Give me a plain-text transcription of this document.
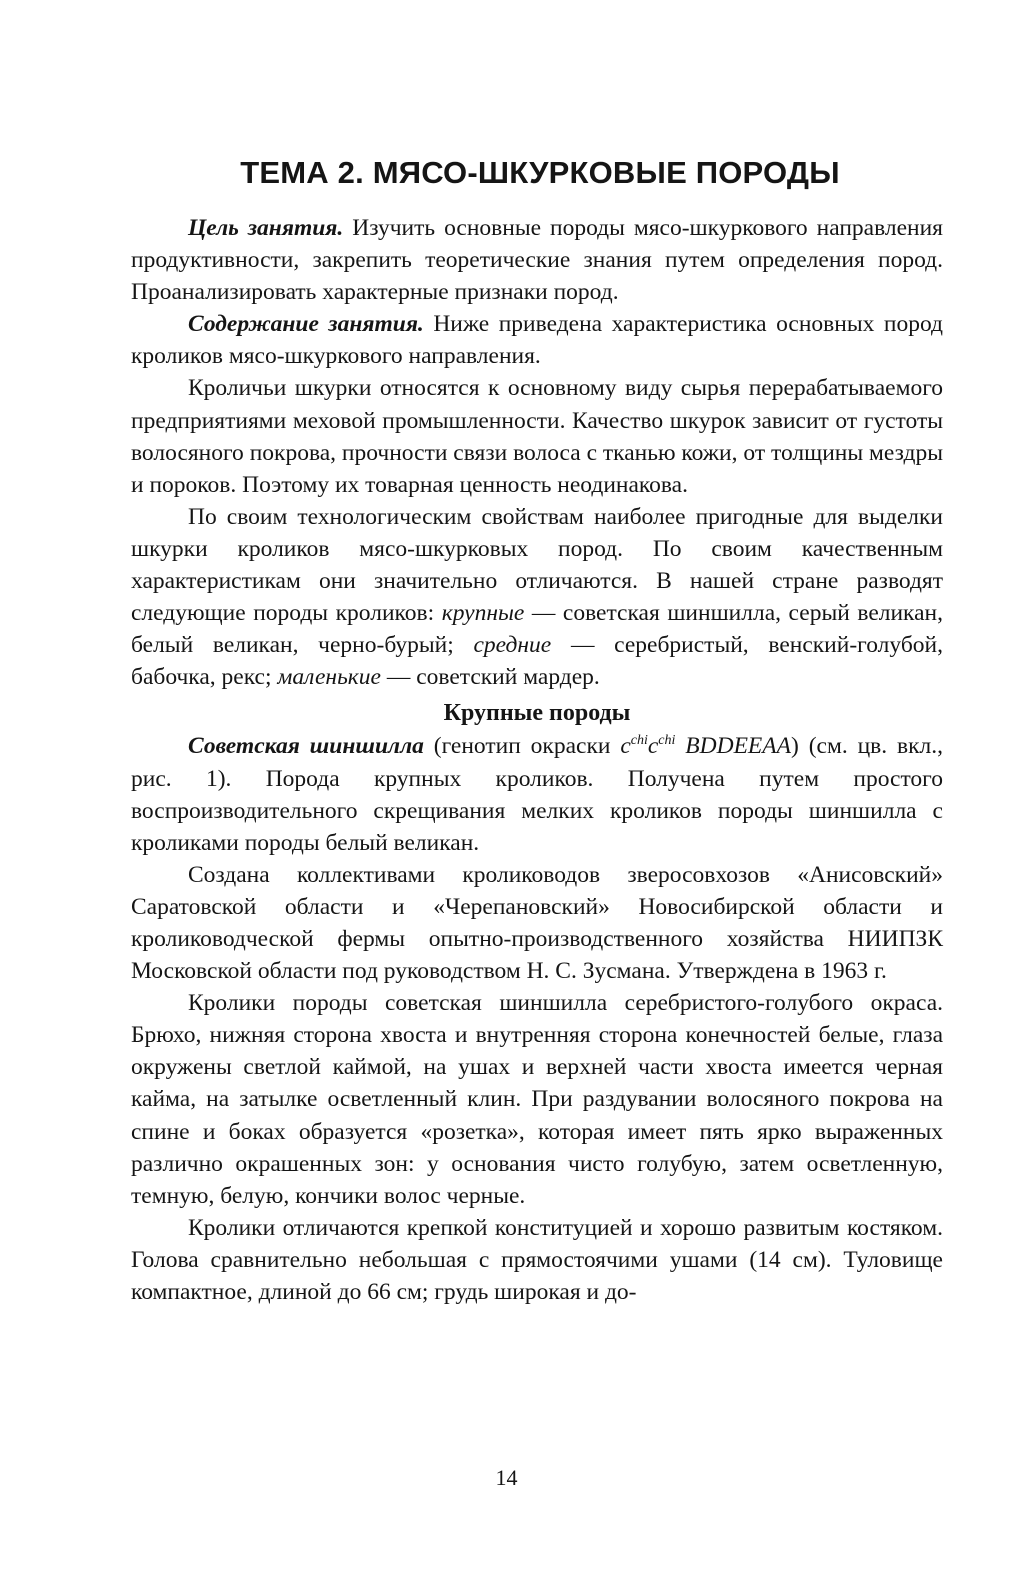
ТЕМА 2. МЯСО-ШКУРКОВЫЕ ПОРОДЫ

Цель занятия. Изучить основные породы мясо-шкуркового направления продуктивности, закрепить теоретические знания путем определения пород. Проанализировать характерные признаки пород.

Содержание занятия. Ниже приведена характеристика основных пород кроликов мясо-шкуркового направления.

Кроличьи шкурки относятся к основному виду сырья перерабатываемого предприятиями меховой промышленности. Качество шкурок зависит от густоты волосяного покрова, прочности связи волоса с тканью кожи, от толщины мездры и пороков. Поэтому их товарная ценность неодинакова.

По своим технологическим свойствам наиболее пригодные для выделки шкурки кроликов мясо-шкурковых пород. По своим качественным характеристикам они значительно отличаются. В нашей стране разводят следующие породы кроликов: крупные — советская шиншилла, серый великан, белый великан, черно-бурый; средние — серебристый, венский-голубой, бабочка, рекс; маленькие — советский мардер.

Крупные породы

Советская шиншилла (генотип окраски $c^{chi}c^{chi}$ BDDEEAA) (см. цв. вкл., рис. 1). Порода крупных кроликов. Получена путем простого воспроизводительного скрещивания мелких кроликов породы шиншилла с кроликами породы белый великан.

Создана коллективами кролиководов зверосовхозов «Анисовский» Саратовской области и «Черепановский» Новосибирской области и кролиководческой фермы опытно-производственного хозяйства НИИПЗК Московской области под руководством Н. С. Зусмана. Утверждена в 1963 г.

Кролики породы советская шиншилла серебристого-голубого окраса. Брюхо, нижняя сторона хвоста и внутренняя сторона конечностей белые, глаза окружены светлой каймой, на ушах и верхней части хвоста имеется черная кайма, на затылке осветленный клин. При раздувании волосяного покрова на спине и боках образуется «розетка», которая имеет пять ярко выраженных различно окрашенных зон: у основания чисто голубую, затем осветленную, темную, белую, кончики волос черные.

Кролики отличаются крепкой конституцией и хорошо развитым костяком. Голова сравнительно небольшая с прямостоячими ушами (14 см). Туловище компактное, длиной до 66 см; грудь широкая и до-

14
